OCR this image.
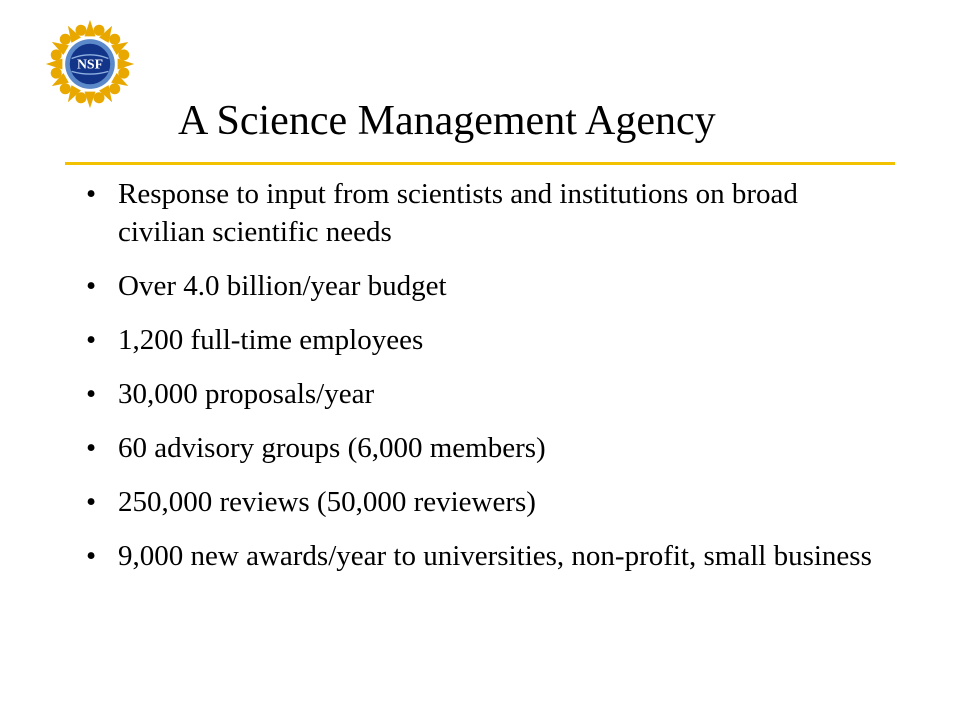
NSF
A Science Management Agency
• Response to input from scientists and institutions on broad civilian scientific needs
• Over 4.0 billion/year budget
• 1,200 full-time employees
• 30,000 proposals/year
• 60 advisory groups (6,000 members)
• 250,000 reviews (50,000 reviewers)
• 9,000 new awards/year to universities, non-profit, small business
